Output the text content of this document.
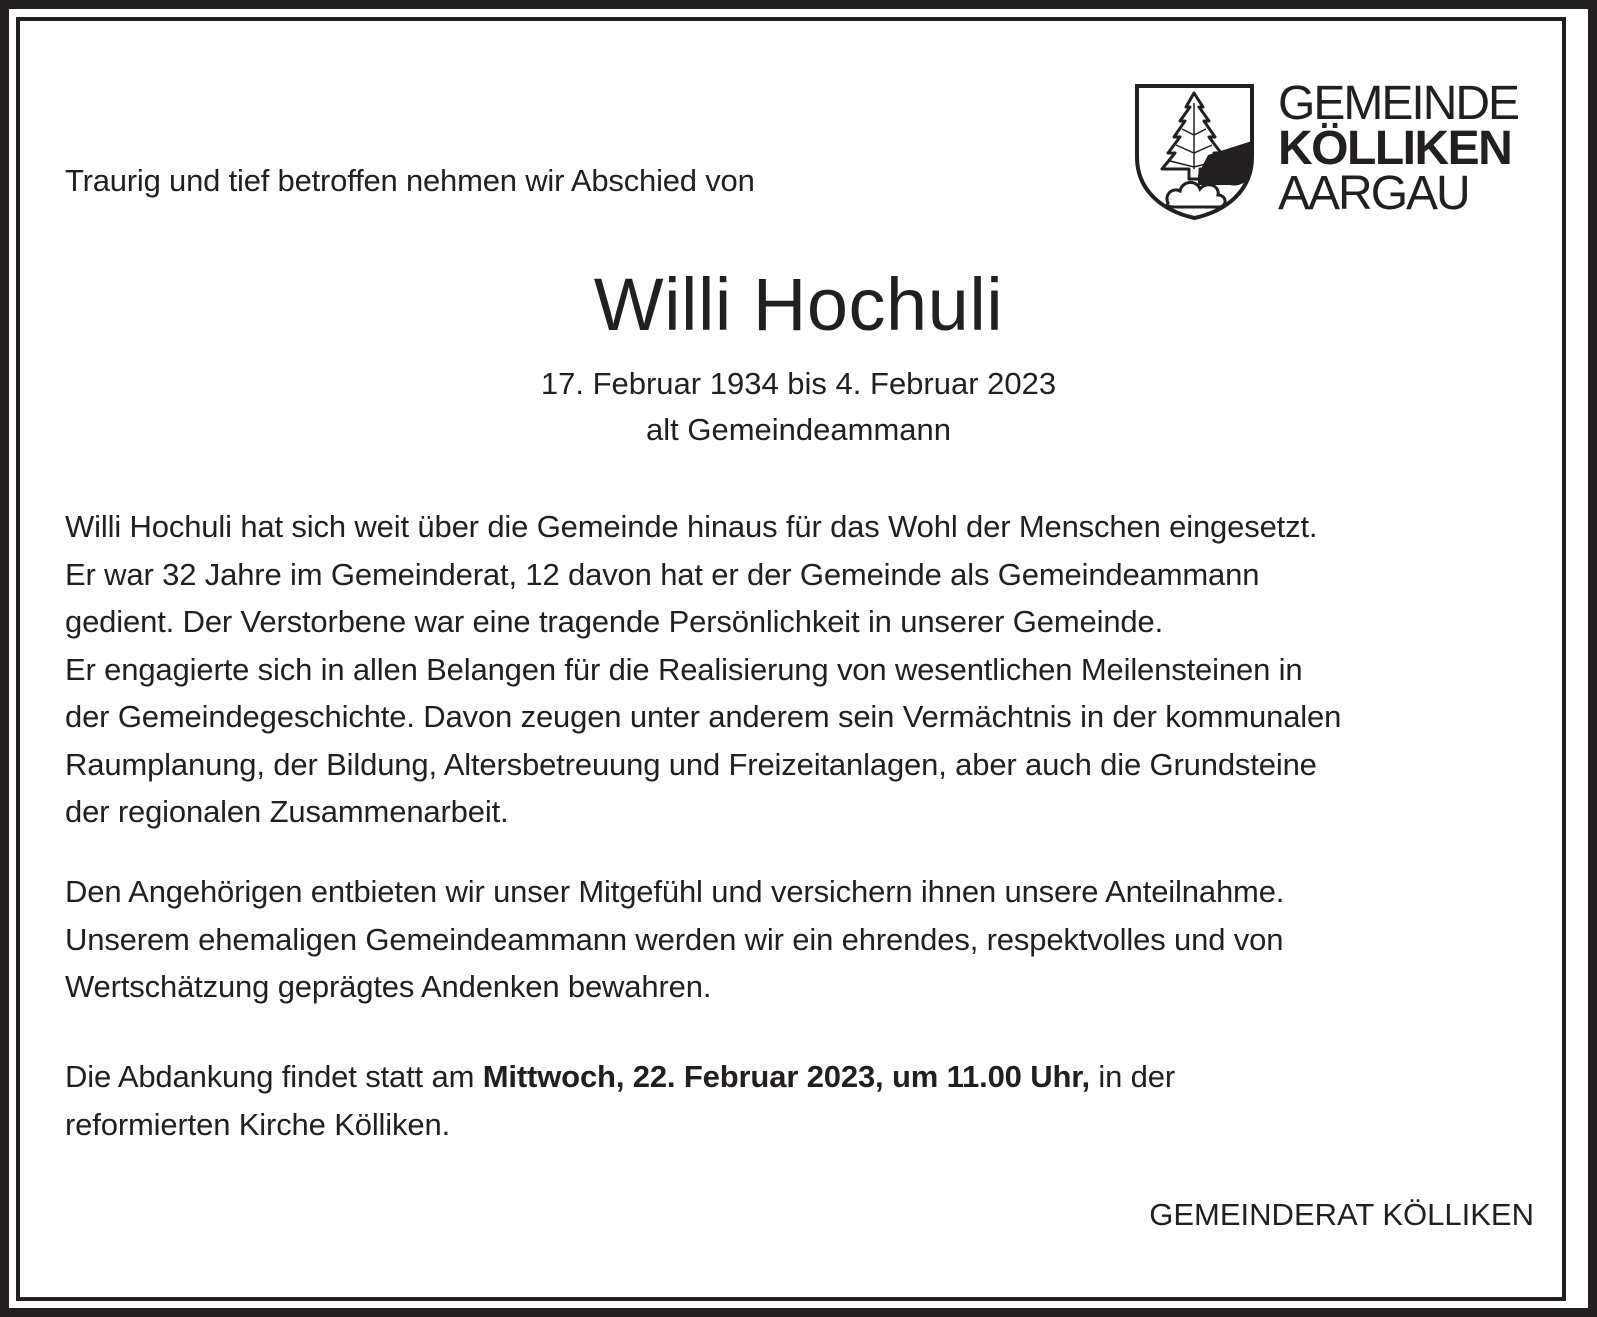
GEMEINDE
KÖLLIKEN
AARGAU
Traurig und tief betroffen nehmen wir Abschied von
Willi Hochuli
17. Februar 1934 bis 4. Februar 2023
alt Gemeindeammann

Willi Hochuli hat sich weit über die Gemeinde hinaus für das Wohl der Menschen eingesetzt.
Er war 32 Jahre im Gemeinderat, 12 davon hat er der Gemeinde als Gemeindeammann
gedient. Der Verstorbene war eine tragende Persönlichkeit in unserer Gemeinde.
Er engagierte sich in allen Belangen für die Realisierung von wesentlichen Meilensteinen in
der Gemeindegeschichte. Davon zeugen unter anderem sein Vermächtnis in der kommunalen
Raumplanung, der Bildung, Altersbetreuung und Freizeitanlagen, aber auch die Grundsteine
der regionalen Zusammenarbeit.

Den Angehörigen entbieten wir unser Mitgefühl und versichern ihnen unsere Anteilnahme.
Unserem ehemaligen Gemeindeammann werden wir ein ehrendes, respektvolles und von
Wertschätzung geprägtes Andenken bewahren.

Die Abdankung findet statt am Mittwoch, 22. Februar 2023, um 11.00 Uhr, in der
reformierten Kirche Kölliken.

GEMEINDERAT KÖLLIKEN
